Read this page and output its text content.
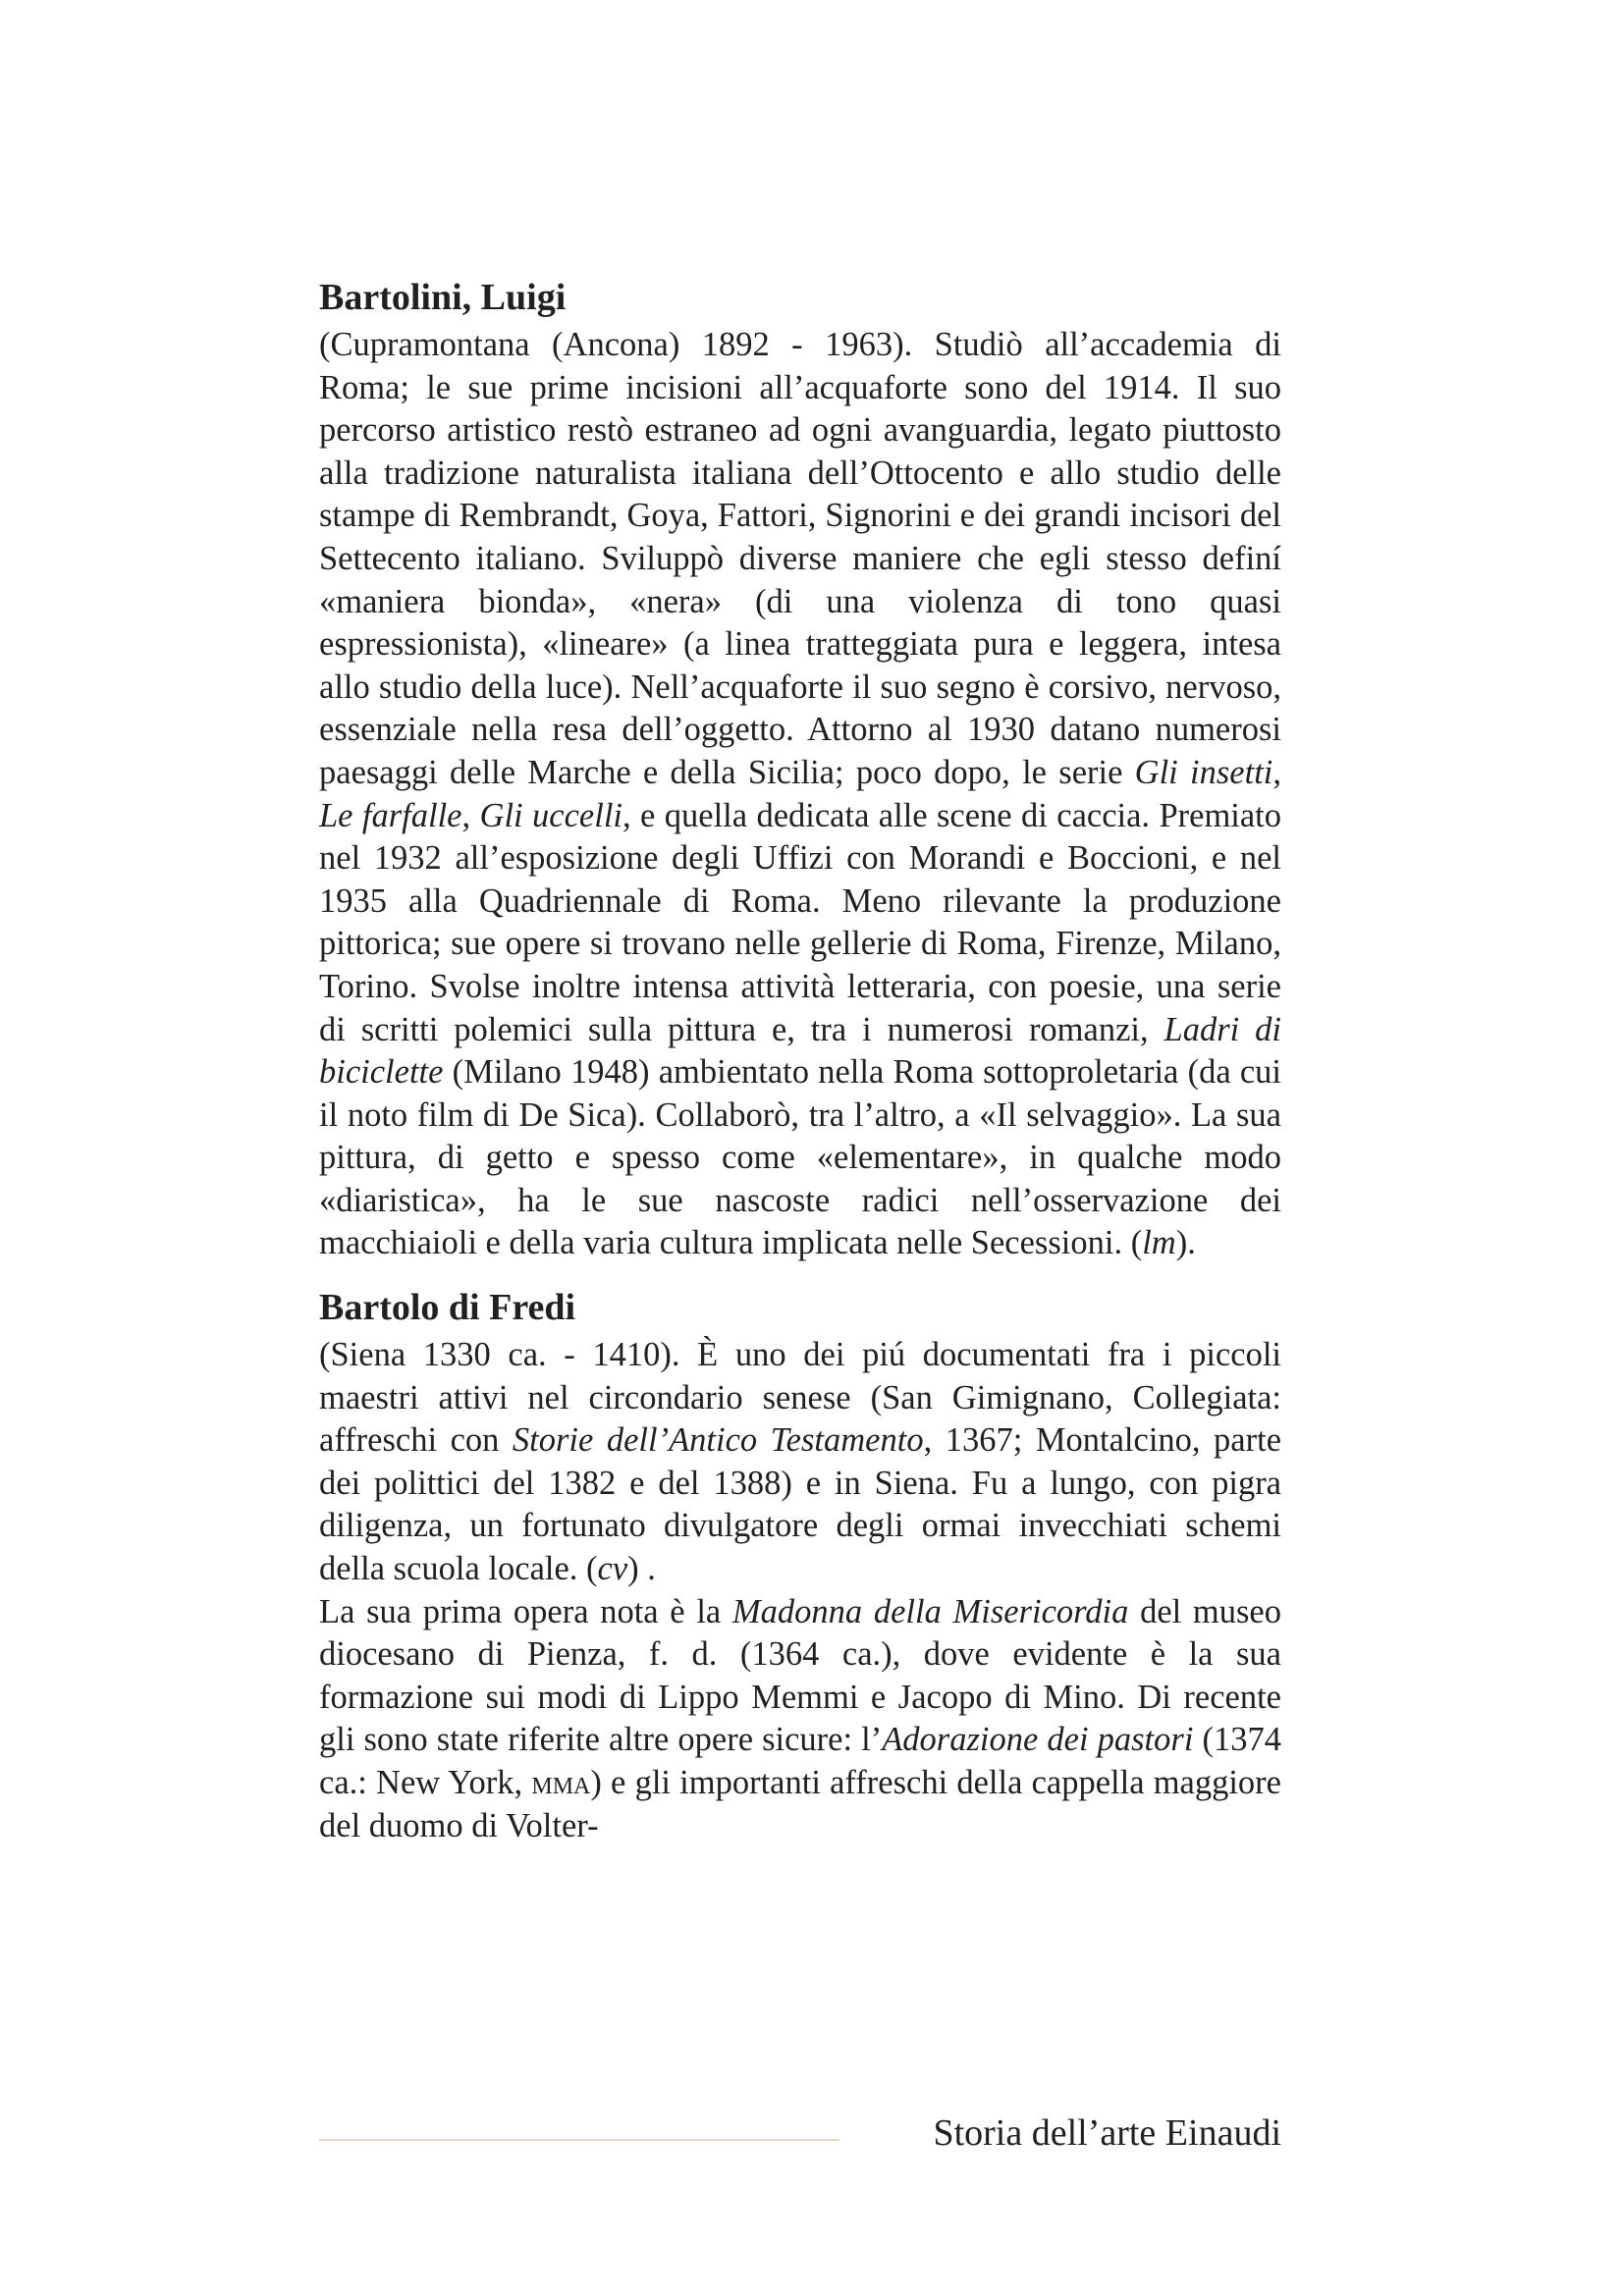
Bartolini, Luigi

(Cupramontana (Ancona) 1892 - 1963). Studiò all’accademia di Roma; le sue prime incisioni all’acquaforte sono del 1914. Il suo percorso artistico restò estraneo ad ogni avanguardia, legato piuttosto alla tradizione naturalista italiana dell’Ottocento e allo studio delle stampe di Rembrandt, Goya, Fattori, Signorini e dei grandi incisori del Settecento italiano. Sviluppò diverse maniere che egli stesso definí «maniera bionda», «nera» (di una violenza di tono quasi espressionista), «lineare» (a linea tratteggiata pura e leggera, intesa allo studio della luce). Nell’acquaforte il suo segno è corsivo, nervoso, essenziale nella resa dell’oggetto. Attorno al 1930 datano numerosi paesaggi delle Marche e della Sicilia; poco dopo, le serie Gli insetti, Le farfalle, Gli uccelli, e quella dedicata alle scene di caccia. Premiato nel 1932 all’esposizione degli Uffizi con Morandi e Boccioni, e nel 1935 alla Quadriennale di Roma. Meno rilevante la produzione pittorica; sue opere si trovano nelle gellerie di Roma, Firenze, Milano, Torino. Svolse inoltre intensa attività letteraria, con poesie, una serie di scritti polemici sulla pittura e, tra i numerosi romanzi, Ladri di biciclette (Milano 1948) ambientato nella Roma sottoproletaria (da cui il noto film di De Sica). Collaborò, tra l’altro, a «Il selvaggio». La sua pittura, di getto e spesso come «elementare», in qualche modo «diaristica», ha le sue nascoste radici nell’osservazione dei macchiaioli e della varia cultura implicata nelle Secessioni. (lm).

Bartolo di Fredi

(Siena 1330 ca. - 1410). È uno dei piú documentati fra i piccoli maestri attivi nel circondario senese (San Gimignano, Collegiata: affreschi con Storie dell’Antico Testamento, 1367; Montalcino, parte dei polittici del 1382 e del 1388) e in Siena. Fu a lungo, con pigra diligenza, un fortunato divulgatore degli ormai invecchiati schemi della scuola locale. (cv) .

La sua prima opera nota è la Madonna della Misericordia del museo diocesano di Pienza, f. d. (1364 ca.), dove evidente è la sua formazione sui modi di Lippo Memmi e Jacopo di Mino. Di recente gli sono state riferite altre opere sicure: l’Adorazione dei pastori (1374 ca.: New York, mma) e gli importanti affreschi della cappella maggiore del duomo di Volter-

Storia dell’arte Einaudi
